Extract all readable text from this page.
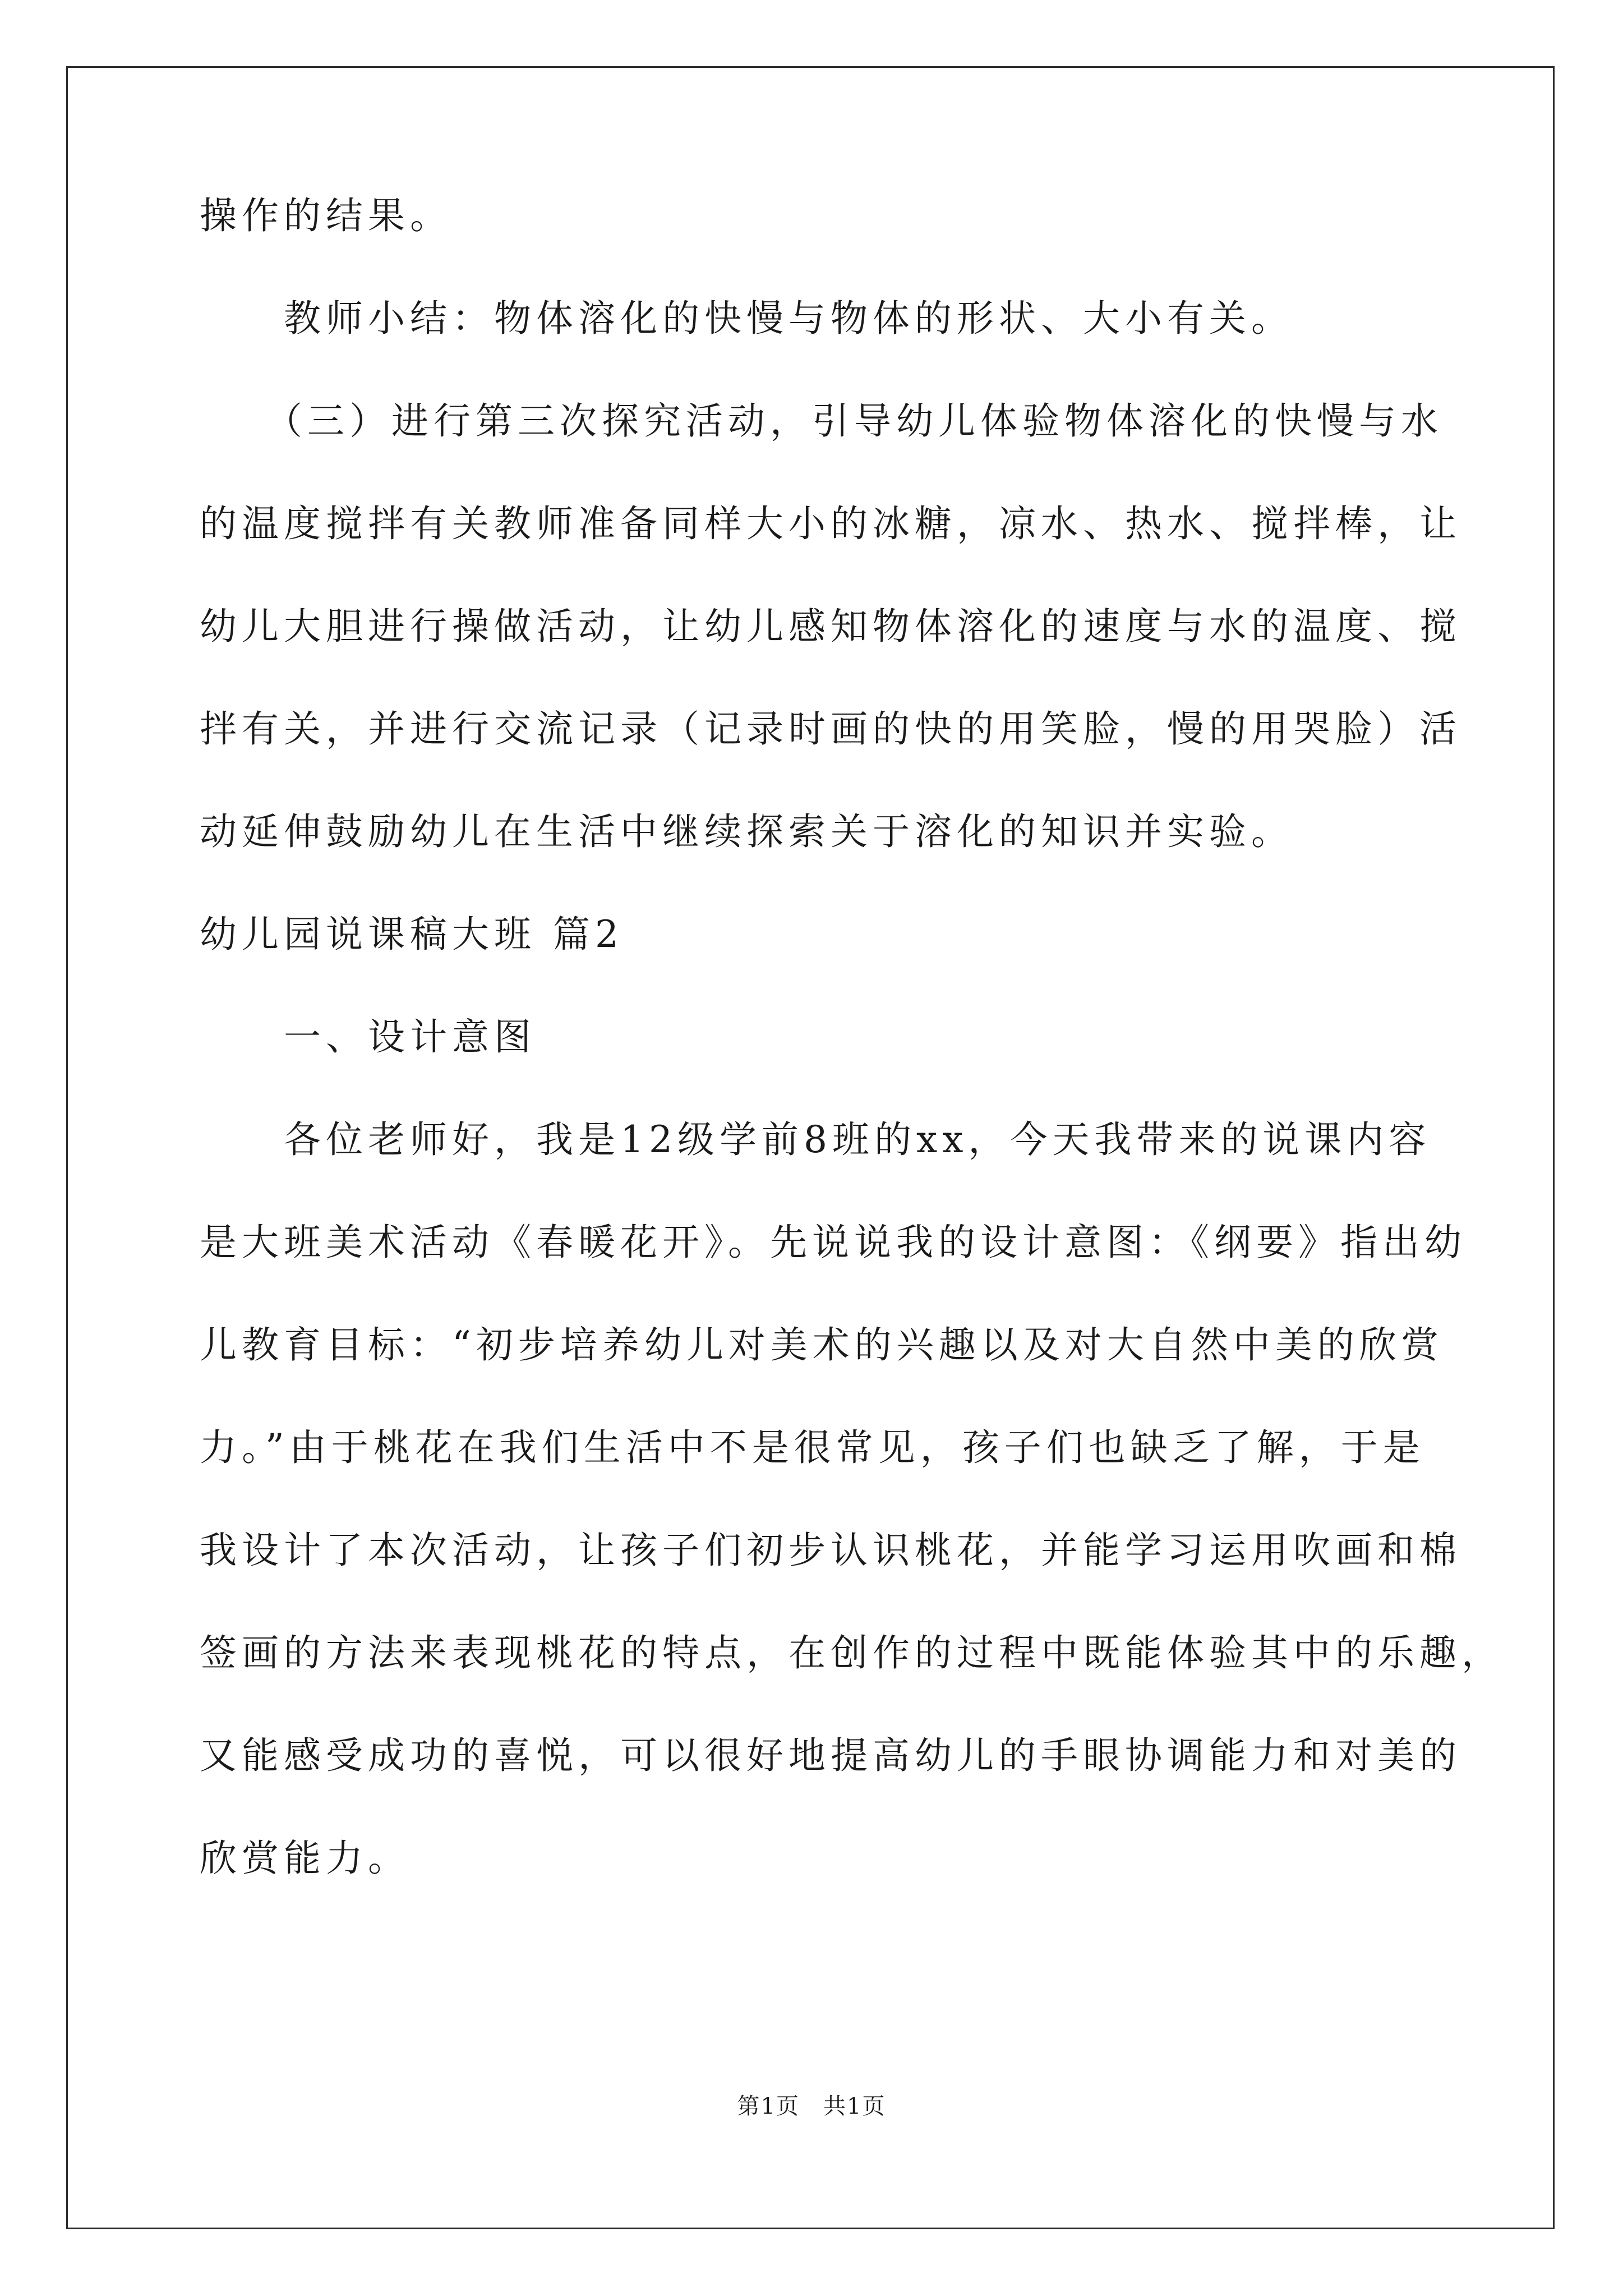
操作的结果。

　　教师小结：物体溶化的快慢与物体的形状、大小有关。

　　（三）进行第三次探究活动，引导幼儿体验物体溶化的快慢与水

的温度搅拌有关教师准备同样大小的冰糖，凉水、热水、搅拌棒，让

幼儿大胆进行操做活动，让幼儿感知物体溶化的速度与水的温度、搅

拌有关，并进行交流记录（记录时画的快的用笑脸，慢的用哭脸）活

动延伸鼓励幼儿在生活中继续探索关于溶化的知识并实验。

幼儿园说课稿大班 篇2

　　一、设计意图

　　各位老师好，我是12级学前8班的xx，今天我带来的说课内容

是大班美术活动《春暖花开》。先说说我的设计意图：《纲要》指出幼

儿教育目标：“初步培养幼儿对美术的兴趣以及对大自然中美的欣赏

力。”由于桃花在我们生活中不是很常见，孩子们也缺乏了解，于是

我设计了本次活动，让孩子们初步认识桃花，并能学习运用吹画和棉

签画的方法来表现桃花的特点，在创作的过程中既能体验其中的乐趣，

又能感受成功的喜悦，可以很好地提高幼儿的手眼协调能力和对美的

欣赏能力。

第1页　共1页
